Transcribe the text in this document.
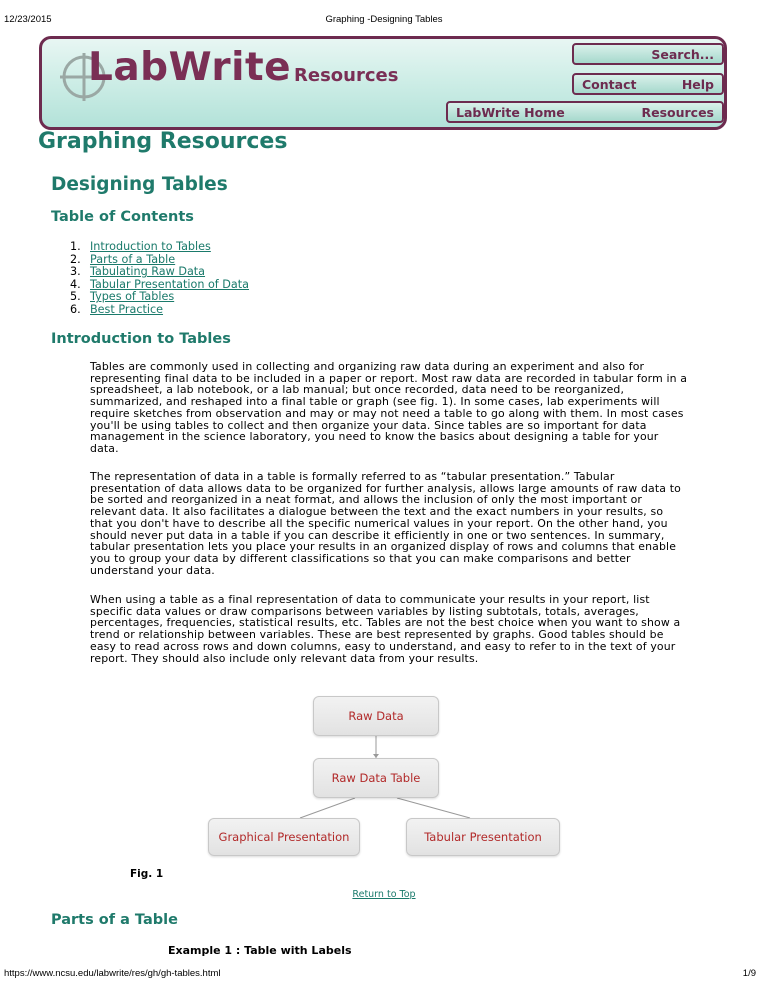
12/23/2015	Graphing -Designing Tables
LabWrite Resources
Search...
Contact	Help
LabWrite Home	Resources
Graphing Resources
Designing Tables
Table of Contents
1. Introduction to Tables
2. Parts of a Table
3. Tabulating Raw Data
4. Tabular Presentation of Data
5. Types of Tables
6. Best Practice
Introduction to Tables

Tables are commonly used in collecting and organizing raw data during an experiment and also for representing final data to be included in a paper or report. Most raw data are recorded in tabular form in a spreadsheet, a lab notebook, or a lab manual; but once recorded, data need to be reorganized, summarized, and reshaped into a final table or graph (see fig. 1). In some cases, lab experiments will require sketches from observation and may or may not need a table to go along with them. In most cases you'll be using tables to collect and then organize your data. Since tables are so important for data management in the science laboratory, you need to know the basics about designing a table for your data.

The representation of data in a table is formally referred to as “tabular presentation.” Tabular presentation of data allows data to be organized for further analysis, allows large amounts of raw data to be sorted and reorganized in a neat format, and allows the inclusion of only the most important or relevant data. It also facilitates a dialogue between the text and the exact numbers in your results, so that you don't have to describe all the specific numerical values in your report. On the other hand, you should never put data in a table if you can describe it efficiently in one or two sentences. In summary, tabular presentation lets you place your results in an organized display of rows and columns that enable you to group your data by different classifications so that you can make comparisons and better understand your data.

When using a table as a final representation of data to communicate your results in your report, list specific data values or draw comparisons between variables by listing subtotals, totals, averages, percentages, frequencies, statistical results, etc. Tables are not the best choice when you want to show a trend or relationship between variables. These are best represented by graphs. Good tables should be easy to read across rows and down columns, easy to understand, and easy to refer to in the text of your report. They should also include only relevant data from your results.

Raw Data
Raw Data Table
Graphical Presentation	Tabular Presentation
Fig. 1
Return to Top
Parts of a Table
Example 1 : Table with Labels
https://www.ncsu.edu/labwrite/res/gh/gh-tables.html	1/9
